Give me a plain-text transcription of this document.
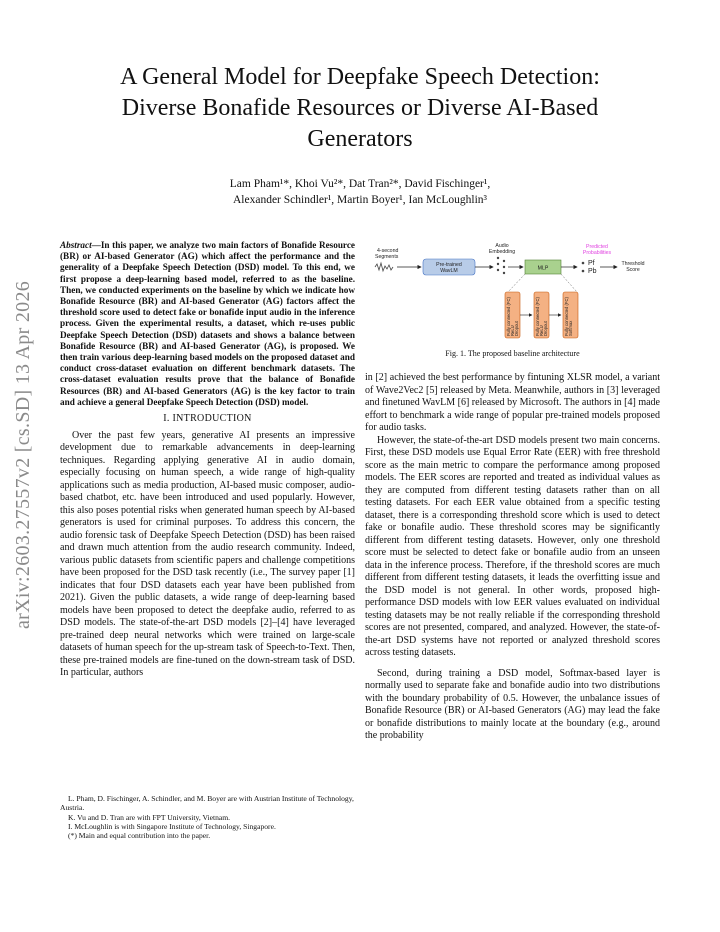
arXiv:2603.27557v2 [cs.SD] 13 Apr 2026
A General Model for Deepfake Speech Detection:
Diverse Bonafide Resources or Diverse AI-Based
Generators
Lam Pham¹*, Khoi Vu²*, Dat Tran²*, David Fischinger¹,
Alexander Schindler¹, Martin Boyer¹, Ian McLoughlin³
Abstract—In this paper, we analyze two main factors of Bonafide Resource (BR) or AI-based Generator (AG) which affect the performance and the generality of a Deepfake Speech Detection (DSD) model. To this end, we first propose a deep-learning based model, referred to as the baseline. Then, we conducted experiments on the baseline by which we indicate how Bonafide Resource (BR) and AI-based Generator (AG) factors affect the threshold score used to detect fake or bonafide input audio in the inference process. Given the experimental results, a dataset, which re-uses public Deepfake Speech Detection (DSD) datasets and shows a balance between Bonafide Resource (BR) and AI-based Generator (AG), is proposed. We then train various deep-learning based models on the proposed dataset and conduct cross-dataset evaluation on different benchmark datasets. The cross-dataset evaluation results prove that the balance of Bonafide Resources (BR) and AI-based Generators (AG) is the key factor to train and achieve a general Deepfake Speech Detection (DSD) model.
I. INTRODUCTION

Over the past few years, generative AI presents an impressive development due to remarkable advancements in deep-learning techniques. Regarding applying generative AI in audio domain, especially focusing on human speech, a wide range of high-quality applications such as media production, AI-based music composer, audio-based chatbot, etc. have been introduced and used popularly. However, this also poses potential risks when generated human speech by AI-based generators is used for criminal purposes. To address this concern, the audio forensic task of Deepfake Speech Detection (DSD) has been raised and drawn much attention from the audio research community. Indeed, various public datasets from scientific papers and challenge competitions have been proposed for the DSD task recently (i.e., The survey paper [1] indicates that four DSD datasets each year have been published from 2021). Given the public datasets, a wide range of deep-learning based models have been proposed to detect the deepfake audio, referred to as DSD models. The state-of-the-art DSD models [2]–[4] have leveraged pre-trained deep neural networks which were trained on large-scale datasets of human speech for the up-stream task of Speech-to-Text. Then, these pre-trained models are fine-tuned on the down-stream task of DSD. In particular, authors

L. Pham, D. Fischinger, A. Schindler, and M. Boyer are with Austrian Institute of Technology, Austria.
K. Vu and D. Tran are with FPT University, Vietnam.
I. McLoughlin is with Singapore Institute of Technology, Singapore.
(*) Main and equal contribution into the paper.
4-second
Segments
Pre-trained
WavLM
Audio
Embedding
MLP
Predicted
Probabilities
Pf
Pb
Threshold
Score
Fully connected (FC) ReLU Dropout	Fully connected (FC) ReLU Dropout	Fully connected (FC) Softmax
Fig. 1. The proposed baseline architecture

in [2] achieved the best performance by fintuning XLSR model, a variant of Wave2Vec2 [5] released by Meta. Meanwhile, authors in [3] leveraged and finetuned WavLM [6] released by Microsoft. The authors in [4] made effort to benchmark a wide range of popular pre-trained models proposed for audio tasks.

However, the state-of-the-art DSD models present two main concerns. First, these DSD models use Equal Error Rate (EER) with free threshold score as the main metric to compare the performance among proposed models. The EER scores are reported and treated as individual values as they are computed from different testing datasets rather than on all testing datasets. For each EER value obtained from a specific testing dataset, there is a corresponding threshold score which is used to detect fake or bonafile audio. These threshold scores may be significantly different from different testing datasets. However, only one threshold score must be selected to detect fake or bonafile audio from an unseen data in the inference process. Therefore, if the threshold scores are much different from different testing datasets, it leads the overfitting issue and the DSD model is not general. In other words, proposed high-performance DSD models with low EER values evaluated on individual testing datasets may be not really reliable if the corresponding threshold scores are not presented, compared, and analyzed. However, the state-of-the-art DSD systems have not reported or analyzed threshold scores across testing datasets.

Second, during training a DSD model, Softmax-based layer is normally used to separate fake and bonafide audio into two distributions with the boundary probability of 0.5. However, the unbalance issues of Bonafide Resource (BR) or AI-based Generators (AG) may lead the fake or bonafide distributions to mainly locate at the boundary (e.g., around the probability
